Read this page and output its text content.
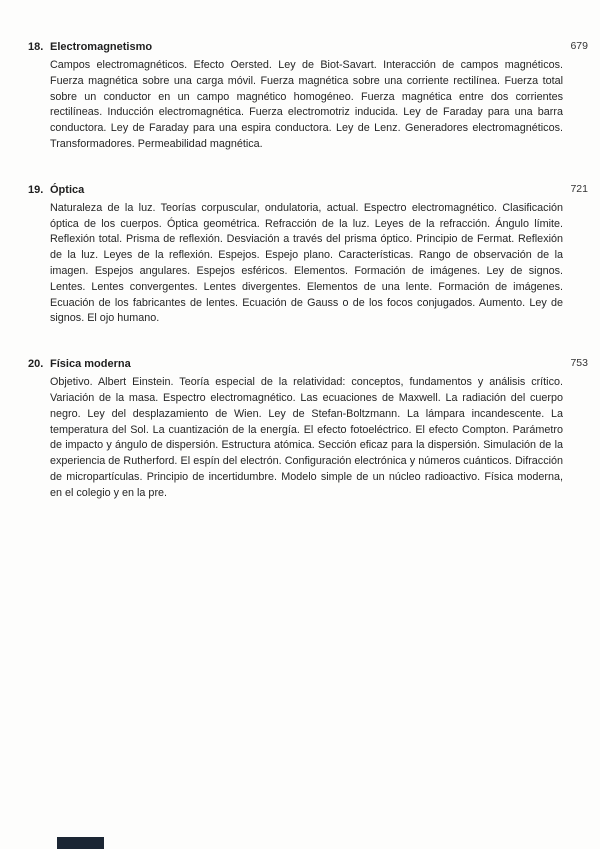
18. Electromagnetismo	679

Campos electromagnéticos. Efecto Oersted. Ley de Biot-Savart. Interacción de campos magnéticos. Fuerza magnética sobre una carga móvil. Fuerza magnética sobre una corriente rectilínea. Fuerza total sobre un conductor en un campo magnético homogéneo. Fuerza magnética entre dos corrientes rectilíneas. Inducción electromagnética. Fuerza electromotriz inducida. Ley de Faraday para una barra conductora. Ley de Faraday para una espira conductora. Ley de Lenz. Generadores electromagnéticos. Transformadores. Permeabilidad magnética.

19. Óptica	721

Naturaleza de la luz. Teorías corpuscular, ondulatoria, actual. Espectro electromagnético. Clasificación óptica de los cuerpos. Óptica geométrica. Refracción de la luz. Leyes de la refracción. Ángulo límite. Reflexión total. Prisma de reflexión. Desviación a través del prisma óptico. Principio de Fermat. Reflexión de la luz. Leyes de la reflexión. Espejos. Espejo plano. Características. Rango de observación de la imagen. Espejos angulares. Espejos esféricos. Elementos. Formación de imágenes. Ley de signos. Lentes. Lentes convergentes. Lentes divergentes. Elementos de una lente. Formación de imágenes. Ecuación de los fabricantes de lentes. Ecuación de Gauss o de los focos conjugados. Aumento. Ley de signos. El ojo humano.

20. Física moderna	753

Objetivo. Albert Einstein. Teoría especial de la relatividad: conceptos, fundamentos y análisis crítico. Variación de la masa. Espectro electromagnético. Las ecuaciones de Maxwell. La radiación del cuerpo negro. Ley del desplazamiento de Wien. Ley de Stefan-Boltzmann. La lámpara incandescente. La temperatura del Sol. La cuantización de la energía. El efecto fotoeléctrico. El efecto Compton. Parámetro de impacto y ángulo de dispersión. Estructura atómica. Sección eficaz para la dispersión. Simulación de la experiencia de Rutherford. El espín del electrón. Configuración electrónica y números cuánticos. Difracción de micropartículas. Principio de incertidumbre. Modelo simple de un núcleo radioactivo. Física moderna, en el colegio y en la pre.
